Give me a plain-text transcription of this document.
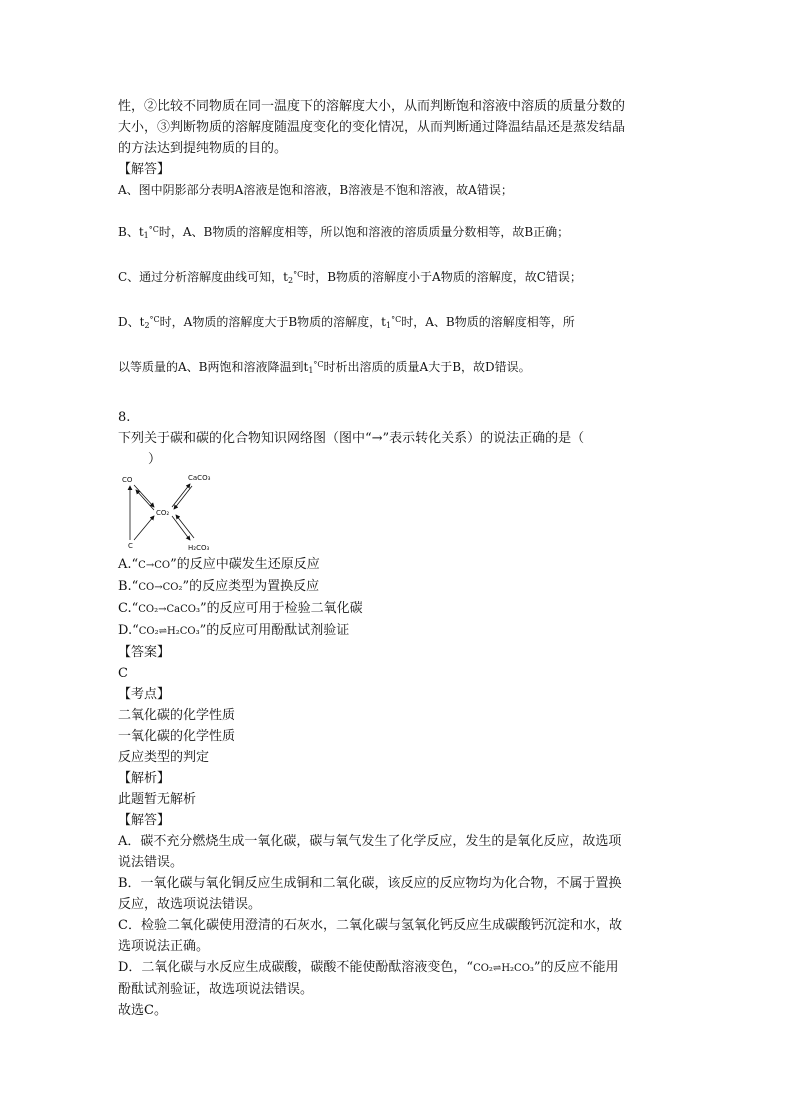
性，②比较不同物质在同一温度下的溶解度大小，从而判断饱和溶液中溶质的质量分数的

大小，③判断物质的溶解度随温度变化的变化情况，从而判断通过降温结晶还是蒸发结晶

的方法达到提纯物质的目的。

【解答】

A、图中阴影部分表明A溶液是饱和溶液，B溶液是不饱和溶液，故A错误；

B、$t_1^{^\circ C}$时，A、B物质的溶解度相等，所以饱和溶液的溶质质量分数相等，故B正确；

C、通过分析溶解度曲线可知，$t_2^{^\circ C}$时，B物质的溶解度小于A物质的溶解度，故C错误；

D、$t_2^{^\circ C}$时，A物质的溶解度大于B物质的溶解度，$t_1^{^\circ C}$时，A、B物质的溶解度相等，所

以等质量的A、B两饱和溶液降温到$t_1^{^\circ C}$时析出溶质的质量A大于B，故D错误。

8.

下列关于碳和碳的化合物知识网络图（图中“→”表示转化关系）的说法正确的是（

）

CO	CaCO₃
CO₂
C	H₂CO₃

A.“C→CO”的反应中碳发生还原反应

B.“CO→CO₂”的反应类型为置换反应

C.“CO₂→CaCO₃”的反应可用于检验二氧化碳

D.“CO₂⇌H₂CO₃”的反应可用酚酞试剂验证

【答案】

C

【考点】

二氧化碳的化学性质

一氧化碳的化学性质

反应类型的判定

【解析】

此题暂无解析

【解答】

A．碳不充分燃烧生成一氧化碳，碳与氧气发生了化学反应，发生的是氧化反应，故选项

说法错误。

B．一氧化碳与氧化铜反应生成铜和二氧化碳，该反应的反应物均为化合物，不属于置换

反应，故选项说法错误。

C．检验二氧化碳使用澄清的石灰水，二氧化碳与氢氧化钙反应生成碳酸钙沉淀和水，故

选项说法正确。

D．二氧化碳与水反应生成碳酸，碳酸不能使酚酞溶液变色，“CO₂⇌H₂CO₃”的反应不能用

酚酞试剂验证，故选项说法错误。

故选C。
